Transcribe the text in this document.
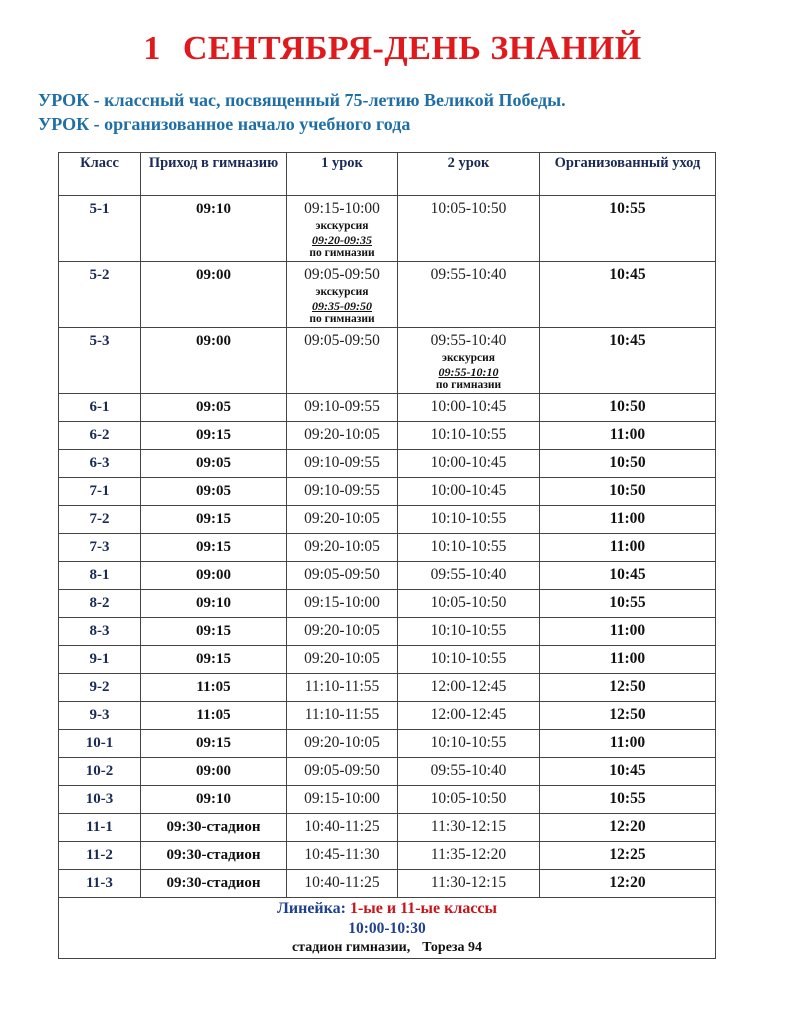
1 СЕНТЯБРЯ-ДЕНЬ ЗНАНИЙ
УРОК - классный час, посвященный 75-летию Великой Победы.
УРОК - организованное начало учебного года
Класс	Приход в гимназию	1 урок	2 урок	Организованный уход

5-1	09:10	09:15-10:00
экскурсия
09:20-09:35
по гимназии	10:05-10:50	10:55

5-2	09:00	09:05-09:50
экскурсия
09:35-09:50
по гимназии	09:55-10:40	10:45

5-3	09:00	09:05-09:50	09:55-10:40
экскурсия
09:55-10:10
по гимназии	10:45

6-1	09:05	09:10-09:55	10:00-10:45	10:50

6-2	09:15	09:20-10:05	10:10-10:55	11:00

6-3	09:05	09:10-09:55	10:00-10:45	10:50

7-1	09:05	09:10-09:55	10:00-10:45	10:50

7-2	09:15	09:20-10:05	10:10-10:55	11:00

7-3	09:15	09:20-10:05	10:10-10:55	11:00

8-1	09:00	09:05-09:50	09:55-10:40	10:45

8-2	09:10	09:15-10:00	10:05-10:50	10:55

8-3	09:15	09:20-10:05	10:10-10:55	11:00

9-1	09:15	09:20-10:05	10:10-10:55	11:00

9-2	11:05	11:10-11:55	12:00-12:45	12:50

9-3	11:05	11:10-11:55	12:00-12:45	12:50

10-1	09:15	09:20-10:05	10:10-10:55	11:00

10-2	09:00	09:05-09:50	09:55-10:40	10:45

10-3	09:10	09:15-10:00	10:05-10:50	10:55

11-1	09:30-стадион	10:40-11:25	11:30-12:15	12:20

11-2	09:30-стадион	10:45-11:30	11:35-12:20	12:25

11-3	09:30-стадион	10:40-11:25	11:30-12:15	12:20

Линейка: 1-ые и 11-ые классы
10:00-10:30
стадион гимназии, Тореза 94				
